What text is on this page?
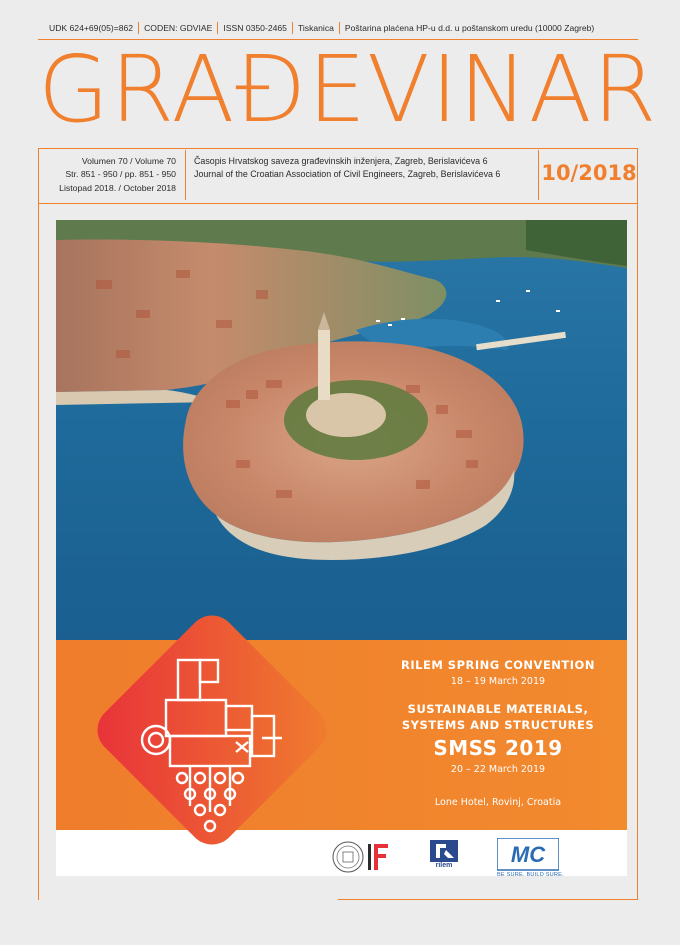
UDK 624+69(05)=862	CODEN: GDVIAE	ISSN 0350-2465	Tiskanica	Poštarina plaćena HP-u d.d. u poštanskom uredu (10000 Zagreb)
GRAĐEVINAR
Volumen 70 / Volume 70
Str. 851 - 950 / pp. 851 - 950
Listopad 2018. / October 2018
Časopis Hrvatskog saveza građevinskih inženjera, Zagreb, Berislavićeva 6
Journal of the Croatian Association of Civil Engineers, Zagreb, Berislavićeva 6	10/2018
RILEM SPRING CONVENTION
18 – 19 March 2019
SUSTAINABLE MATERIALS,
SYSTEMS AND STRUCTURES
SMSS 2019
20 – 22 March 2019
Lone Hotel, Rovinj, Croatia
rilem	MC
BE SURE. BUILD SURE.
